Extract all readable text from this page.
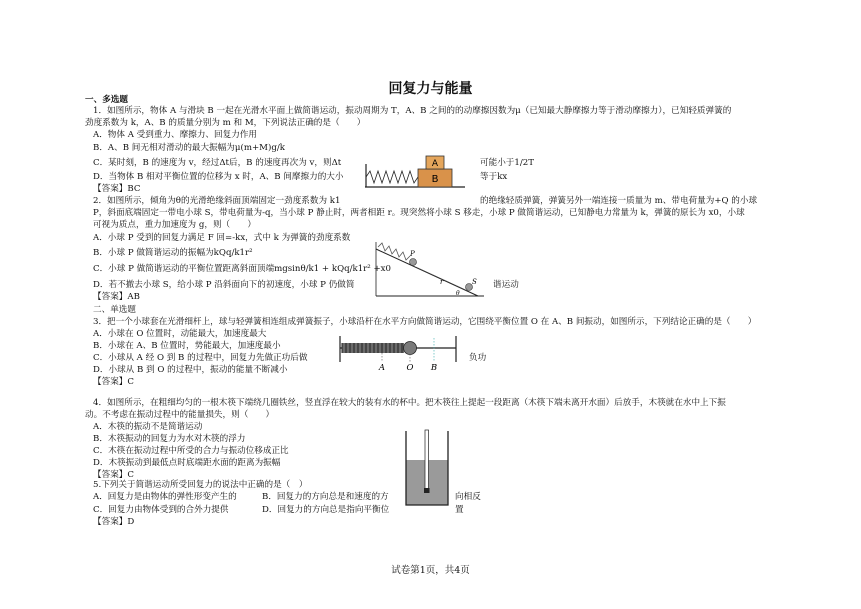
回复力与能量
一、多选题
1．如图所示，物体 A 与滑块 B 一起在光滑水平面上做简谐运动，振动周期为 T，A、B 之间的的动摩擦因数为μ（已知最大静摩擦力等于滑动摩擦力），已知轻质弹簧的
劲度系数为 k，A、B 的质量分别为 m 和 M，下列说法正确的是（　　）
A．物体 A 受到重力、摩擦力、回复力作用
B．A、B 间无相对滑动的最大振幅为μ(m+M)g/k
C．某时刻，B 的速度为 v，经过Δt后，B 的速度再次为 v，则Δt	可能小于1/2T
D．当物体 B 相对平衡位置的位移为 x 时，A、B 间摩擦力的大小	等于kx
【答案】BC
A
B
2．如图所示，倾角为θ的光滑绝缘斜面顶端固定一劲度系数为 k1	的绝缘轻质弹簧，弹簧另外一端连接一质量为 m、带电荷量为+Q 的小球
P，斜面底端固定一带电小球 S，带电荷量为-q，当小球 P 静止时，两者相距 r。现突然将小球 S 移走，小球 P 做简谐运动，已知静电力常量为 k，弹簧的原长为 x0，小球
可视为质点，重力加速度为 g，则（　　）
A．小球 P 受到的回复力满足 F 回=-kx，式中 k 为弹簧的劲度系数
B．小球 P 做简谐运动的振幅为kQq/k1r²
C．小球 P 做简谐运动的平衡位置距离斜面顶端mgsinθ/k1 + kQq/k1r² +x0
D．若不撤去小球 S，给小球 P 沿斜面向下的初速度，小球 P 仍做简	谐运动
【答案】AB
P
S
r
θ
二、单选题
3．把一个小球套在光滑细杆上，球与轻弹簧相连组成弹簧振子，小球沿杆在水平方向做简谐运动，它围绕平衡位置 O 在 A、B 间振动，如图所示，下列结论正确的是（　　）
A．小球在 O 位置时，动能最大，加速度最大
B．小球在 A、B 位置时，势能最大，加速度最小
C．小球从 A 经 O 到 B 的过程中，回复力先做正功后做	负功
D．小球从 B 到 O 的过程中，振动的能量不断减小
【答案】C
A	O B
4．如图所示，在粗细均匀的一根木筷下端绕几圈铁丝，竖直浮在较大的装有水的杯中。把木筷往上提起一段距离（木筷下端未离开水面）后放手，木筷就在水中上下振
动。不考虑在振动过程中的能量损失，则（　　）
A．木筷的振动不是简谐运动
B．木筷振动的回复力为水对木筷的浮力
C．木筷在振动过程中所受的合力与振动位移成正比
D．木筷振动到最低点时底端距水面的距离为振幅
【答案】C
5.下列关于简谐运动所受回复力的说法中正确的是（　）
A．回复力是由物体的弹性形变产生的	B．回复力的方向总是和速度的方	向相反
C．回复力由物体受到的合外力提供	D．回复力的方向总是指向平衡位	置
【答案】D
试卷第1页，共4页
